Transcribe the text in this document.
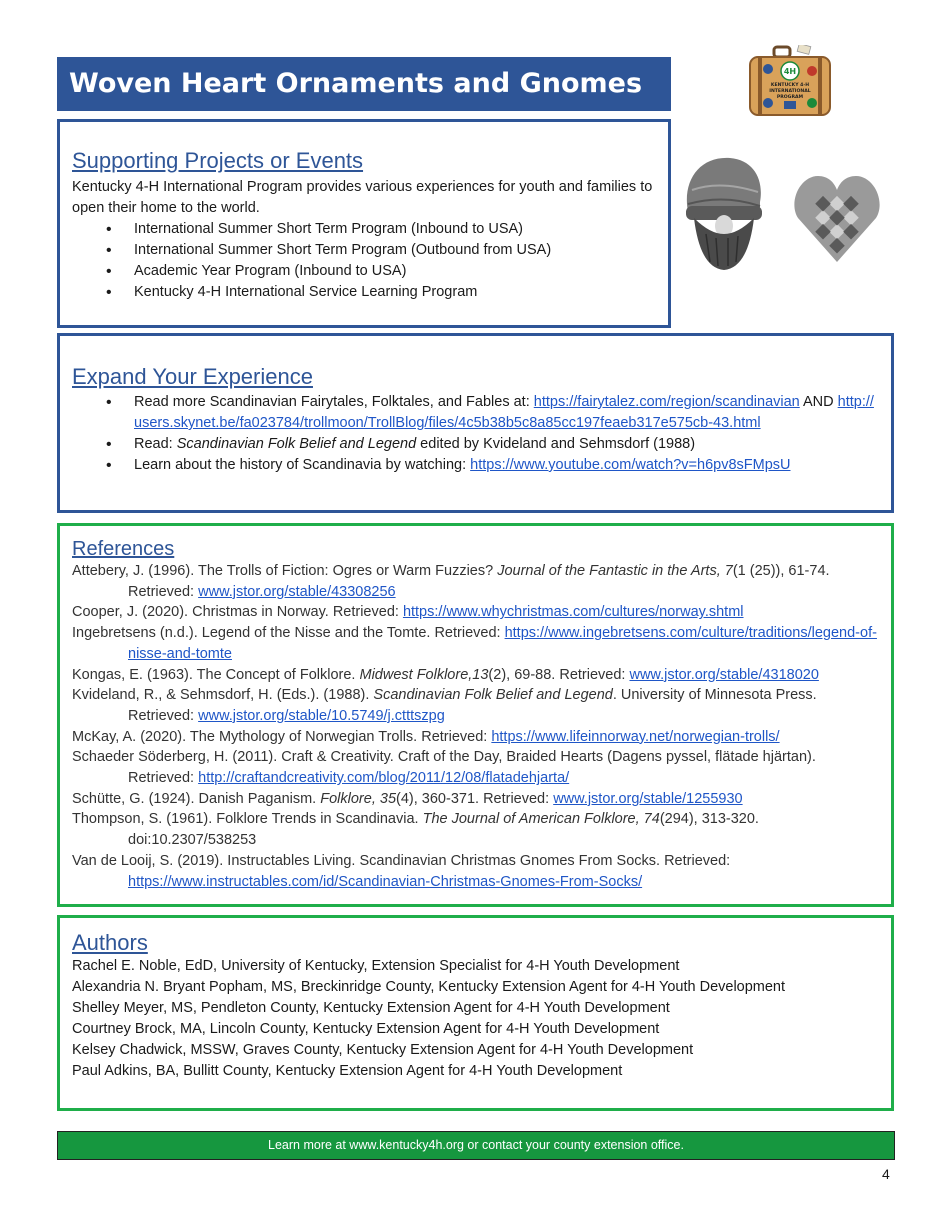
Woven Heart Ornaments and Gnomes	4H
KENTUCKY 4-H
INTERNATIONAL
PROGRAM
Supporting Projects or Events

Kentucky 4-H International Program provides various experiences for youth and families to open their home to the world.

• International Summer Short Term Program (Inbound to USA)
• International Summer Short Term Program (Outbound from USA)
• Academic Year Program (Inbound to USA)
• Kentucky 4-H International Service Learning Program
Expand Your Experience
• Read more Scandinavian Fairytales, Folktales, and Fables at: https://fairytalez.com/region/scandinavian AND http://users.skynet.be/fa023784/trollmoon/TrollBlog/files/4c5b38b5c8a85cc197feaeb317e575cb-43.html
• Read: Scandinavian Folk Belief and Legend edited by Kvideland and Sehmsdorf (1988)
• Learn about the history of Scandinavia by watching: https://www.youtube.com/watch?v=h6pv8sFMpsU
References

Attebery, J. (1996). The Trolls of Fiction: Ogres or Warm Fuzzies? Journal of the Fantastic in the Arts, 7(1 (25)), 61-74. Retrieved: www.jstor.org/stable/43308256

Cooper, J. (2020). Christmas in Norway. Retrieved: https://www.whychristmas.com/cultures/norway.shtml

Ingebretsens (n.d.). Legend of the Nisse and the Tomte. Retrieved: https://www.ingebretsens.com/culture/traditions/legend-of-nisse-and-tomte

Kongas, E. (1963). The Concept of Folklore. Midwest Folklore,13(2), 69-88. Retrieved: www.jstor.org/stable/4318020

Kvideland, R., & Sehmsdorf, H. (Eds.). (1988). Scandinavian Folk Belief and Legend. University of Minnesota Press. Retrieved: www.jstor.org/stable/10.5749/j.ctttszpg

McKay, A. (2020). The Mythology of Norwegian Trolls. Retrieved: https://www.lifeinnorway.net/norwegian-trolls/

Schaeder Söderberg, H. (2011). Craft & Creativity. Craft of the Day, Braided Hearts (Dagens pyssel, flätade hjärtan). Retrieved: http://craftandcreativity.com/blog/2011/12/08/flatadehjarta/

Schütte, G. (1924). Danish Paganism. Folklore, 35(4), 360-371. Retrieved: www.jstor.org/stable/1255930

Thompson, S. (1961). Folklore Trends in Scandinavia. The Journal of American Folklore, 74(294), 313-320. doi:10.2307/538253

Van de Looij, S. (2019). Instructables Living. Scandinavian Christmas Gnomes From Socks. Retrieved: https://www.instructables.com/id/Scandinavian-Christmas-Gnomes-From-Socks/

Authors

Rachel E. Noble, EdD, University of Kentucky, Extension Specialist for 4-H Youth Development

Alexandria N. Bryant Popham, MS, Breckinridge County, Kentucky Extension Agent for 4-H Youth Development

Shelley Meyer, MS, Pendleton County, Kentucky Extension Agent for 4-H Youth Development

Courtney Brock, MA, Lincoln County, Kentucky Extension Agent for 4-H Youth Development

Kelsey Chadwick, MSSW, Graves County, Kentucky Extension Agent for 4-H Youth Development

Paul Adkins, BA, Bullitt County, Kentucky Extension Agent for 4-H Youth Development

Learn more at www.kentucky4h.org or contact your county extension office.
4
